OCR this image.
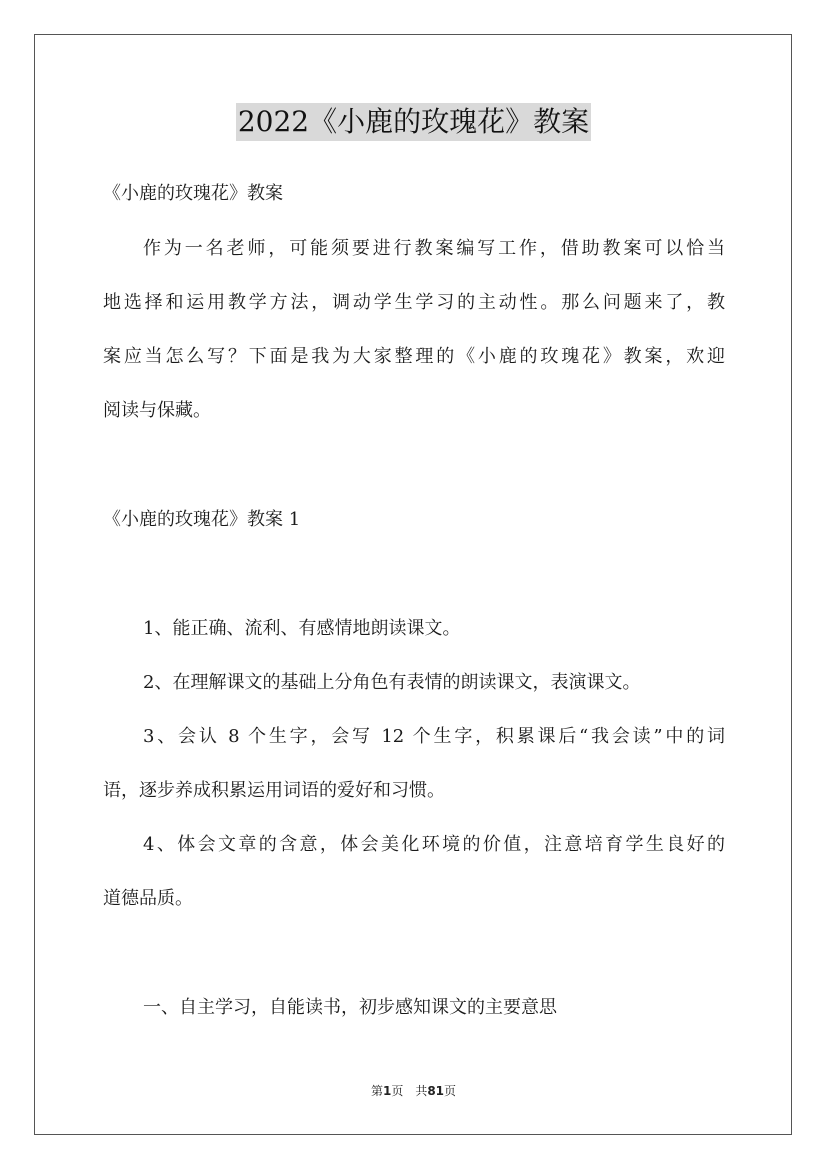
2022《小鹿的玫瑰花》教案
《小鹿的玫瑰花》教案
作为一名老师，可能须要进行教案编写工作，借助教案可以恰当
地选择和运用教学方法，调动学生学习的主动性。那么问题来了，教
案应当怎么写？下面是我为大家整理的《小鹿的玫瑰花》教案，欢迎
阅读与保藏。
《小鹿的玫瑰花》教案 1
1、能正确、流利、有感情地朗读课文。
2、在理解课文的基础上分角色有表情的朗读课文，表演课文。
3、会认 8 个生字，会写 12 个生字，积累课后“我会读”中的词
语，逐步养成积累运用词语的爱好和习惯。
4、体会文章的含意，体会美化环境的价值，注意培育学生良好的
道德品质。
一、自主学习，自能读书，初步感知课文的主要意思
第1页　共81页
